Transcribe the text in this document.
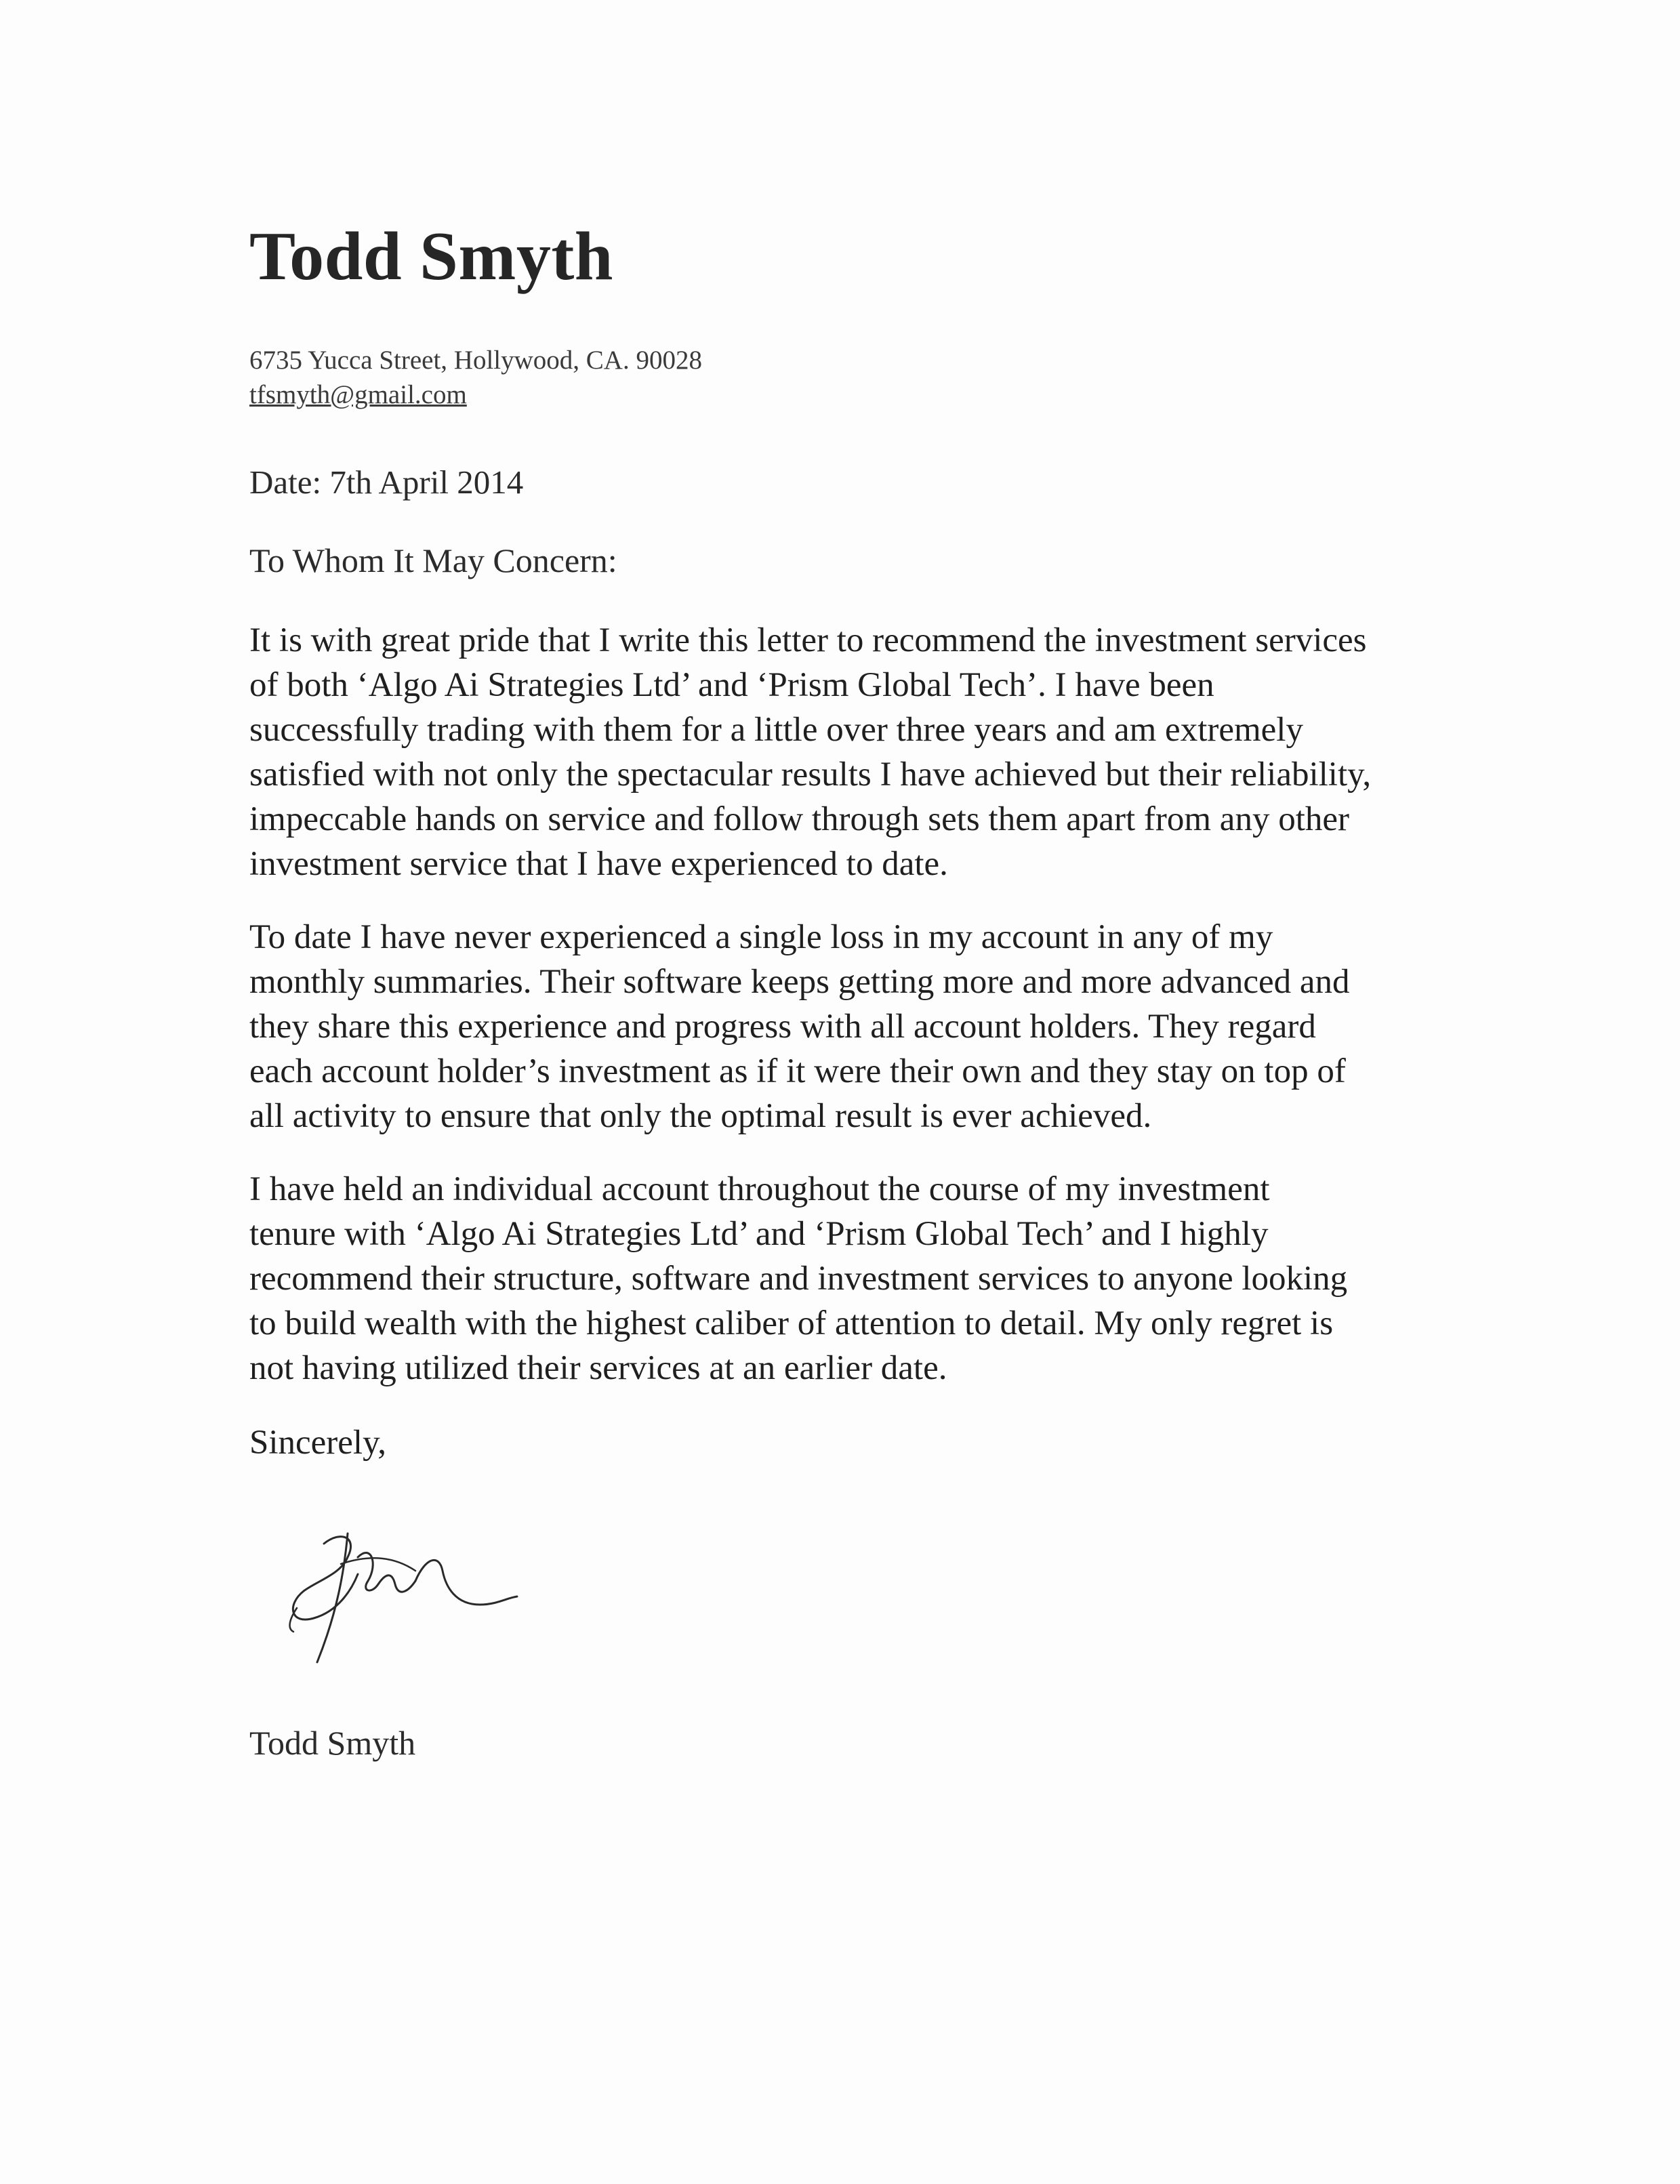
Todd Smyth
6735 Yucca Street, Hollywood, CA. 90028
tfsmyth@gmail.com
Date: 7th April 2014
To Whom It May Concern:

It is with great pride that I write this letter to recommend the investment services of both ‘Algo Ai Strategies Ltd’ and ‘Prism Global Tech’. I have been successfully trading with them for a little over three years and am extremely satisfied with not only the spectacular results I have achieved but their reliability, impeccable hands on service and follow through sets them apart from any other investment service that I have experienced to date.

To date I have never experienced a single loss in my account in any of my monthly summaries. Their software keeps getting more and more advanced and they share this experience and progress with all account holders. They regard each account holder’s investment as if it were their own and they stay on top of all activity to ensure that only the optimal result is ever achieved.

I have held an individual account throughout the course of my investment tenure with ‘Algo Ai Strategies Ltd’ and ‘Prism Global Tech’ and I highly recommend their structure, software and investment services to anyone looking to build wealth with the highest caliber of attention to detail. My only regret is not having utilized their services at an earlier date.

Sincerely,
Todd Smyth
